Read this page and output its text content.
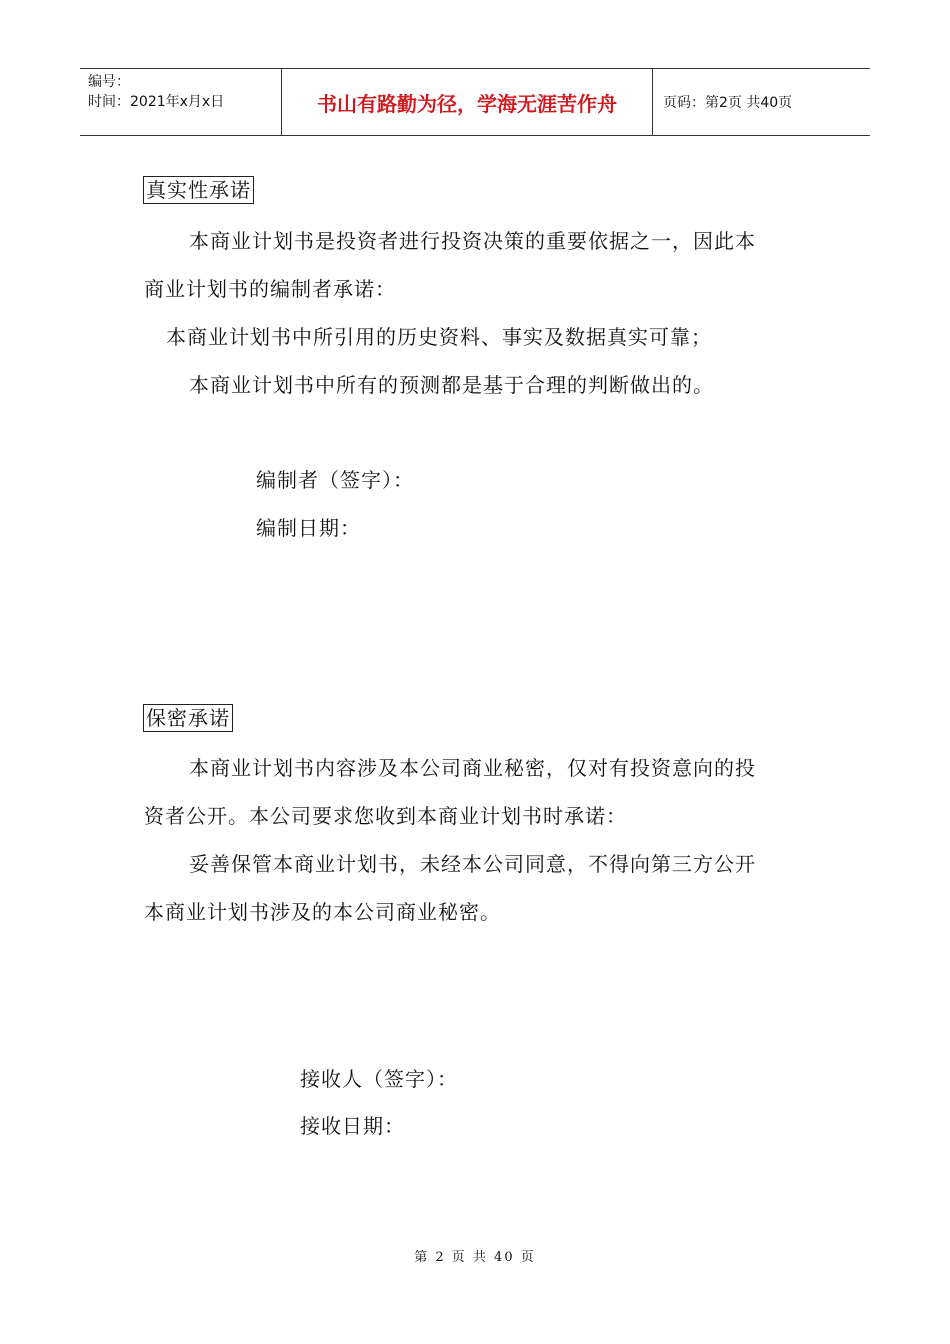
编号：
时间：2021年x月x日	书山有路勤为径，学海无涯苦作舟	页码：第2页 共40页
真实性承诺
本商业计划书是投资者进行投资决策的重要依据之一，因此本
商业计划书的编制者承诺：
本商业计划书中所引用的历史资料、事实及数据真实可靠；
本商业计划书中所有的预测都是基于合理的判断做出的。
编制者（签字）：
编制日期：
保密承诺
本商业计划书内容涉及本公司商业秘密，仅对有投资意向的投
资者公开。本公司要求您收到本商业计划书时承诺：
妥善保管本商业计划书，未经本公司同意，不得向第三方公开
本商业计划书涉及的本公司商业秘密。
接收人（签字）：
接收日期：
第 2 页 共 40 页
